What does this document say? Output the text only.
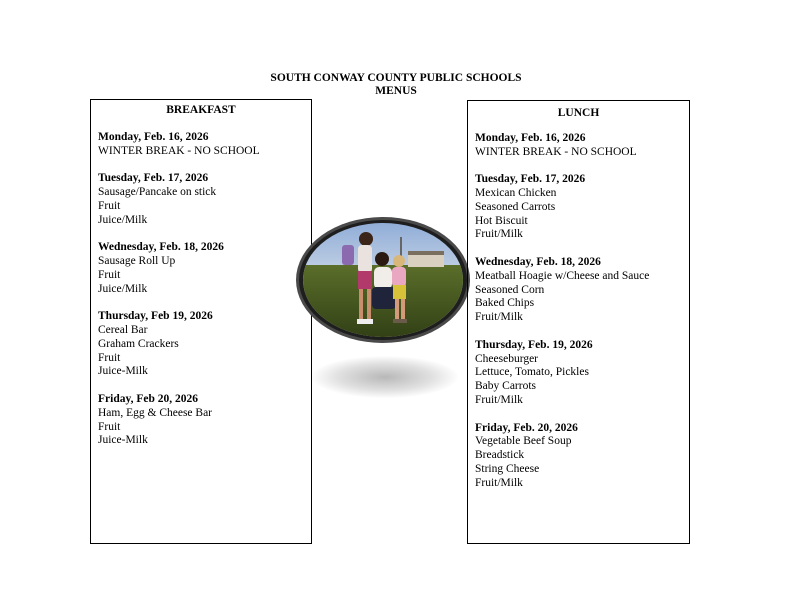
SOUTH CONWAY COUNTY PUBLIC SCHOOLS
MENUS
BREAKFAST
Monday, Feb. 16, 2026
WINTER BREAK - NO SCHOOL
Tuesday, Feb. 17, 2026
Sausage/Pancake on stick
Fruit
Juice/Milk
Wednesday, Feb. 18, 2026
Sausage Roll Up
Fruit
Juice/Milk
Thursday, Feb 19, 2026
Cereal Bar
Graham Crackers
Fruit
Juice-Milk
Friday, Feb 20, 2026
Ham, Egg & Cheese Bar
Fruit
Juice-Milk
LUNCH
Monday, Feb. 16, 2026
WINTER BREAK - NO SCHOOL
Tuesday, Feb. 17, 2026
Mexican Chicken
Seasoned Carrots
Hot Biscuit
Fruit/Milk
Wednesday, Feb. 18, 2026
Meatball Hoagie w/Cheese and Sauce
Seasoned Corn
Baked Chips
Fruit/Milk
Thursday, Feb. 19, 2026
Cheeseburger
Lettuce, Tomato, Pickles
Baby Carrots
Fruit/Milk
Friday, Feb. 20, 2026
Vegetable Beef Soup
Breadstick
String Cheese
Fruit/Milk
